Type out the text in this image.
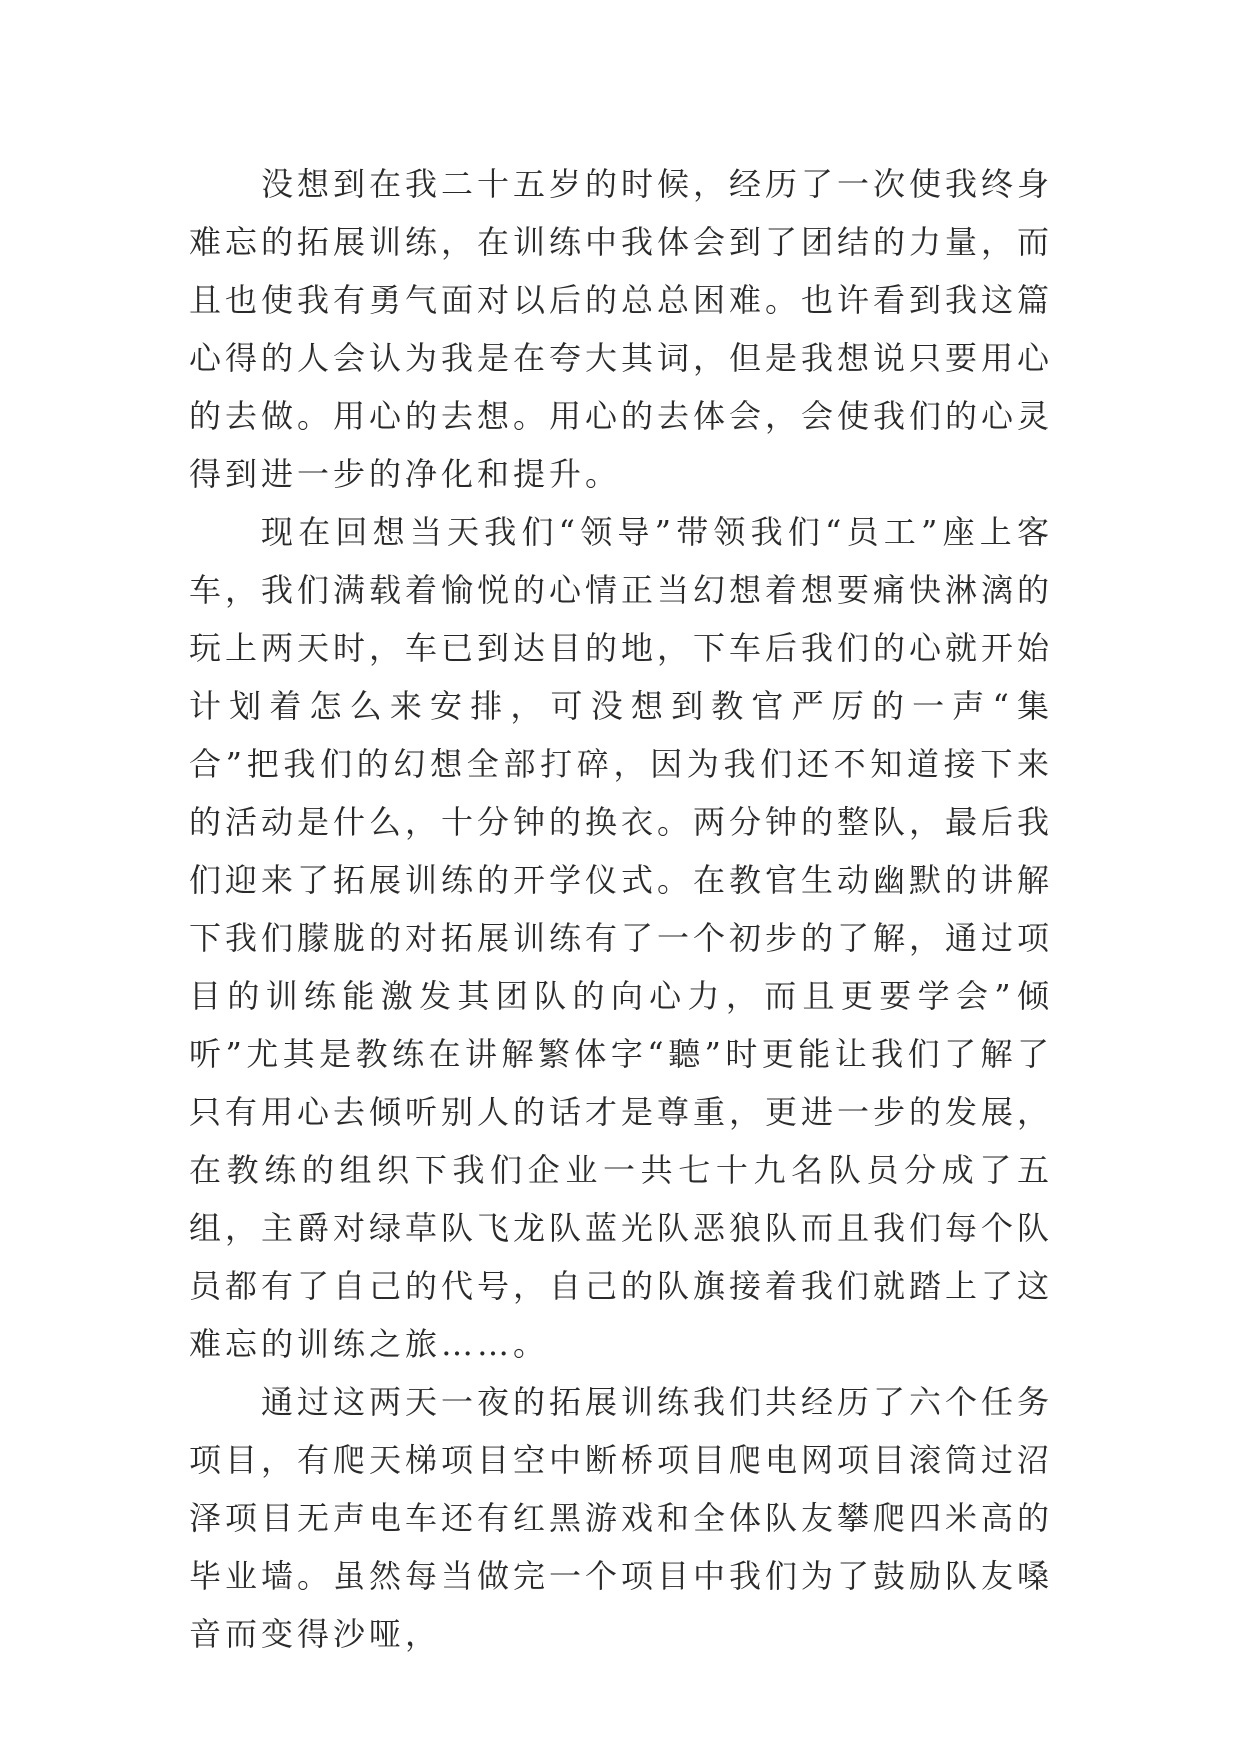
没想到在我二十五岁的时候，经历了一次使我终身难忘的拓展训练，在训练中我体会到了团结的力量，而且也使我有勇气面对以后的总总困难。也许看到我这篇心得的人会认为我是在夸大其词，但是我想说只要用心的去做。用心的去想。用心的去体会，会使我们的心灵得到进一步的净化和提升。

现在回想当天我们“领导”带领我们“员工”座上客车，我们满载着愉悦的心情正当幻想着想要痛快淋漓的玩上两天时，车已到达目的地，下车后我们的心就开始计划着怎么来安排，可没想到教官严厉的一声“集合”把我们的幻想全部打碎，因为我们还不知道接下来的活动是什么，十分钟的换衣。两分钟的整队，最后我们迎来了拓展训练的开学仪式。在教官生动幽默的讲解下我们朦胧的对拓展训练有了一个初步的了解，通过项目的训练能激发其团队的向心力，而且更要学会”倾听”尤其是教练在讲解繁体字“聽”时更能让我们了解了只有用心去倾听别人的话才是尊重，更进一步的发展，在教练的组织下我们企业一共七十九名队员分成了五组，主爵对绿草队飞龙队蓝光队恶狼队而且我们每个队员都有了自己的代号，自己的队旗接着我们就踏上了这难忘的训练之旅……。

通过这两天一夜的拓展训练我们共经历了六个任务项目，有爬天梯项目空中断桥项目爬电网项目滚筒过沼泽项目无声电车还有红黑游戏和全体队友攀爬四米高的毕业墙。虽然每当做完一个项目中我们为了鼓励队友嗓音而变得沙哑，
